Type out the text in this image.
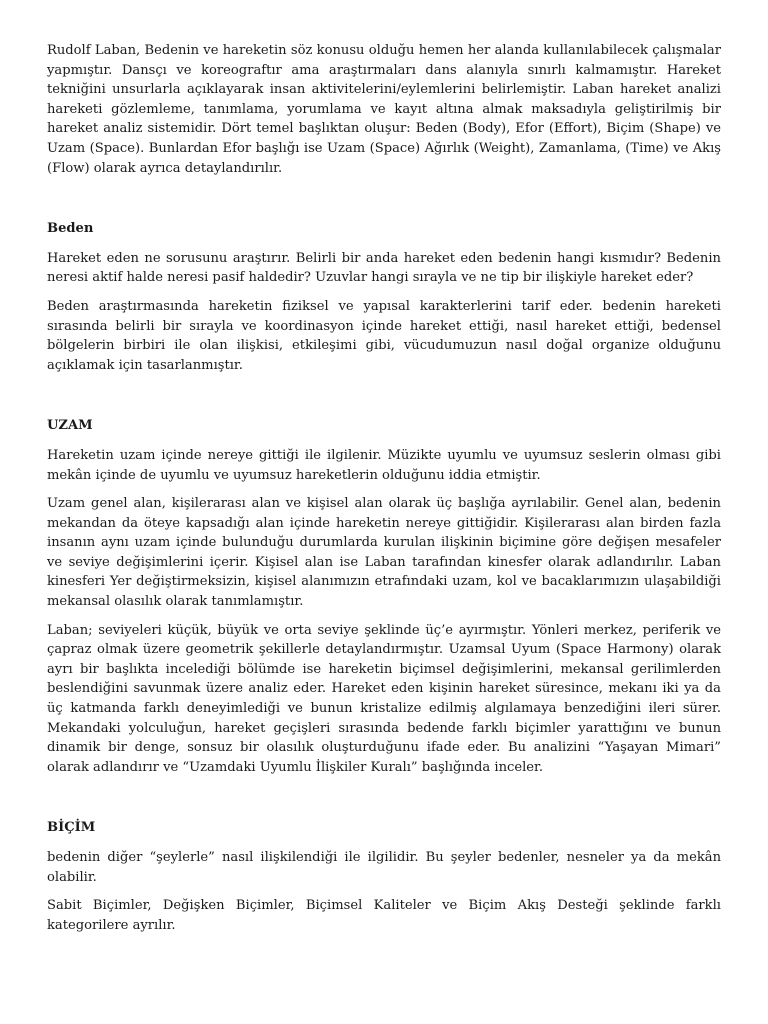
Rudolf Laban, Bedenin ve hareketin söz konusu olduğu hemen her alanda kullanılabilecek çalışmalar yapmıştır. Dansçı ve koreograftır ama araştırmaları dans alanıyla sınırlı kalmamıştır. Hareket tekniğini unsurlarla açıklayarak insan aktivitelerini/eylemlerini belirlemiştir. Laban hareket analizi hareketi gözlemleme, tanımlama, yorumlama ve kayıt altına almak maksadıyla geliştirilmiş bir hareket analiz sistemidir. Dört temel başlıktan oluşur: Beden (Body), Efor (Effort), Biçim (Shape) ve Uzam (Space). Bunlardan Efor başlığı ise Uzam (Space) Ağırlık (Weight), Zamanlama, (Time) ve Akış (Flow) olarak ayrıca detaylandırılır.

Beden

Hareket eden ne sorusunu araştırır. Belirli bir anda hareket eden bedenin hangi kısmıdır? Bedenin neresi aktif halde neresi pasif haldedir? Uzuvlar hangi sırayla ve ne tip bir ilişkiyle hareket eder?

Beden araştırmasında hareketin fiziksel ve yapısal karakterlerini tarif eder. bedenin hareketi sırasında belirli bir sırayla ve koordinasyon içinde hareket ettiği, nasıl hareket ettiği, bedensel bölgelerin birbiri ile olan ilişkisi, etkileşimi gibi, vücudumuzun nasıl doğal organize olduğunu açıklamak için tasarlanmıştır.

UZAM

Hareketin uzam içinde nereye gittiği ile ilgilenir. Müzikte uyumlu ve uyumsuz seslerin olması gibi mekân içinde de uyumlu ve uyumsuz hareketlerin olduğunu iddia etmiştir.

Uzam genel alan, kişilerarası alan ve kişisel alan olarak üç başlığa ayrılabilir. Genel alan, bedenin mekandan da öteye kapsadığı alan içinde hareketin nereye gittiğidir. Kişilerarası alan birden fazla insanın aynı uzam içinde bulunduğu durumlarda kurulan ilişkinin biçimine göre değişen mesafeler ve seviye değişimlerini içerir. Kişisel alan ise Laban tarafından kinesfer olarak adlandırılır. Laban kinesferi Yer değiştirmeksizin, kişisel alanımızın etrafındaki uzam, kol ve bacaklarımızın ulaşabildiği mekansal olasılık olarak tanımlamıştır.

Laban; seviyeleri küçük, büyük ve orta seviye şeklinde üç’e ayırmıştır. Yönleri merkez, periferik ve çapraz olmak üzere geometrik şekillerle detaylandırmıştır. Uzamsal Uyum (Space Harmony) olarak ayrı bir başlıkta incelediği bölümde ise hareketin biçimsel değişimlerini, mekansal gerilimlerden beslendiğini savunmak üzere analiz eder. Hareket eden kişinin hareket süresince, mekanı iki ya da üç katmanda farklı deneyimlediği ve bunun kristalize edilmiş algılamaya benzediğini ileri sürer. Mekandaki yolculuğun, hareket geçişleri sırasında bedende farklı biçimler yarattığını ve bunun dinamik bir denge, sonsuz bir olasılık oluşturduğunu ifade eder. Bu analizini “Yaşayan Mimari” olarak adlandırır ve “Uzamdaki Uyumlu İlişkiler Kuralı” başlığında inceler.

BİÇİM

bedenin diğer “şeylerle” nasıl ilişkilendiği ile ilgilidir. Bu şeyler bedenler, nesneler ya da mekân olabilir.

Sabit Biçimler, Değişken Biçimler, Biçimsel Kaliteler ve Biçim Akış Desteği şeklinde farklı kategorilere ayrılır.
